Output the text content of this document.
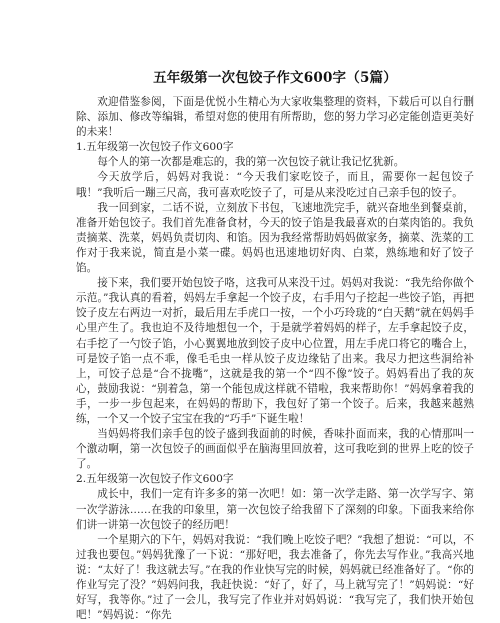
五年级第一次包饺子作文600字（5篇）

欢迎借鉴参阅，下面是优悦小生精心为大家收集整理的资料，下载后可以自行删除、添加、修改等编辑，希望对您的使用有所帮助，您的努力学习必定能创造更美好的未来！

1.五年级第一次包饺子作文600字

每个人的第一次都是难忘的，我的第一次包饺子就让我记忆犹新。

今天放学后，妈妈对我说：“今天我们家吃饺子，而且，需要你一起包饺子哦！”我听后一蹦三尺高，我可喜欢吃饺子了，可是从来没吃过自己亲手包的饺子。

我一回到家，二话不说，立刻放下书包，飞速地洗完手，就兴奋地坐到餐桌前，准备开始包饺子。我们首先准备食材，今天的饺子馅是我最喜欢的白菜肉馅的。我负责摘菜、洗菜，妈妈负责切肉、和馅。因为我经常帮助妈妈做家务，摘菜、洗菜的工作对于我来说，简直是小菜一碟。妈妈也迅速地切好肉、白菜，熟练地和好了饺子馅。

接下来，我们要开始包饺子咯，这我可从来没干过。妈妈对我说：“我先给你做个示范。”我认真的看着，妈妈左手拿起一个饺子皮，右手用勺子挖起一些饺子馅，再把饺子皮左右两边一对折，最后用左手虎口一按，一个小巧玲珑的“白天鹅”就在妈妈手心里产生了。我也迫不及待地想包一个，于是就学着妈妈的样子，左手拿起饺子皮，右手挖了一勺饺子馅，小心翼翼地放到饺子皮中心位置，用左手虎口将它的嘴合上，可是饺子馅一点不乖，像毛毛虫一样从饺子皮边缘钻了出来。我尽力把这些洞给补上，可饺子总是“合不拢嘴”，这就是我的第一个“四不像”饺子。妈妈看出了我的灰心，鼓励我说：“别着急，第一个能包成这样就不错啦，我来帮助你！”妈妈拿着我的手，一步一步包起来，在妈妈的帮助下，我包好了第一个饺子。后来，我越来越熟练，一个又一个饺子宝宝在我的“巧手”下诞生啦！

当妈妈将我们亲手包的饺子盛到我面前的时候，香味扑面而来，我的心情那叫一个激动啊，第一次包饺子的画面似乎在脑海里回放着，这可我吃到的世界上吃的饺子了。

2.五年级第一次包饺子作文600字

成长中，我们一定有许多多的第一次吧！如：第一次学走路、第一次学写字、第一次学游泳……在我的印象里，第一次包饺子给我留下了深刻的印象。下面我来给你们讲一讲第一次包饺子的经历吧！

一个星期六的下午，妈妈对我说：“我们晚上吃饺子吧？”我想了想说：“可以，不过我也要包。”妈妈犹豫了一下说：“那好吧，我去准备了，你先去写作业。”我高兴地说：“太好了！我这就去写。”在我的作业快写完的时候，妈妈就已经准备好了。“你的作业写完了没？”妈妈问我，我赶快说：“好了，好了，马上就写完了！”妈妈说：“好好写，我等你。”过了一会儿，我写完了作业并对妈妈说：“我写完了，我们快开始包吧！”妈妈说：“你先
